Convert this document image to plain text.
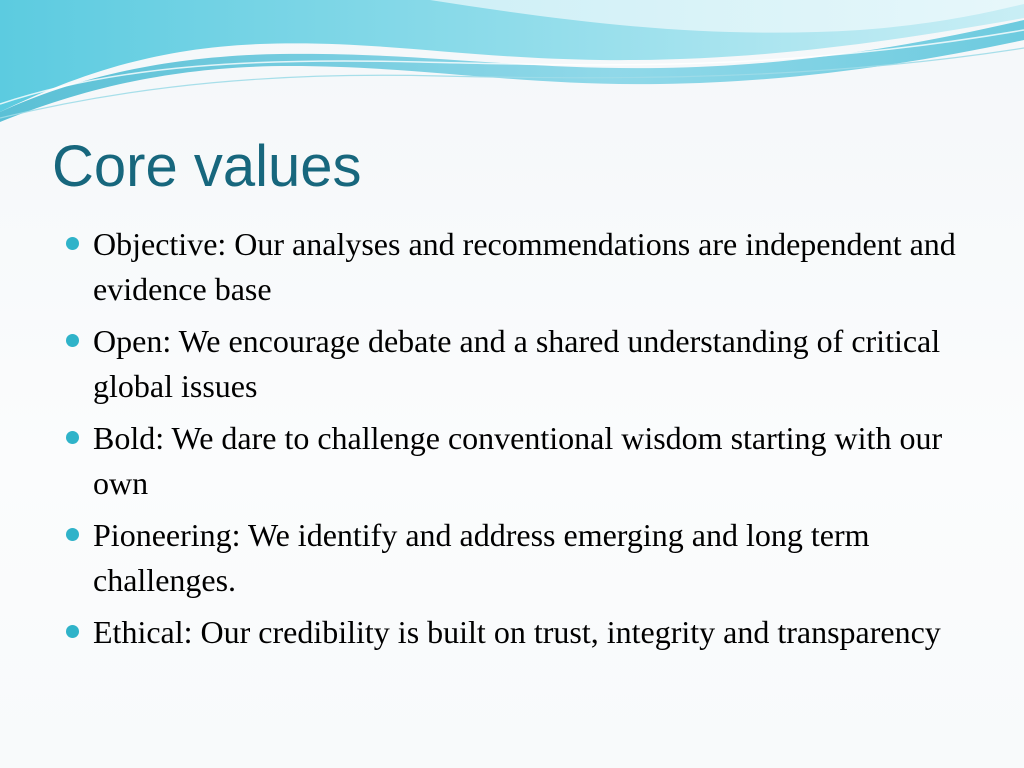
Core values
Objective: Our analyses and recommendations are independent and evidence base
Open: We encourage debate and a shared understanding of critical global issues
Bold: We dare to challenge conventional wisdom starting with our own
Pioneering: We identify and address emerging and long term challenges.
Ethical: Our credibility is built on trust, integrity and transparency
